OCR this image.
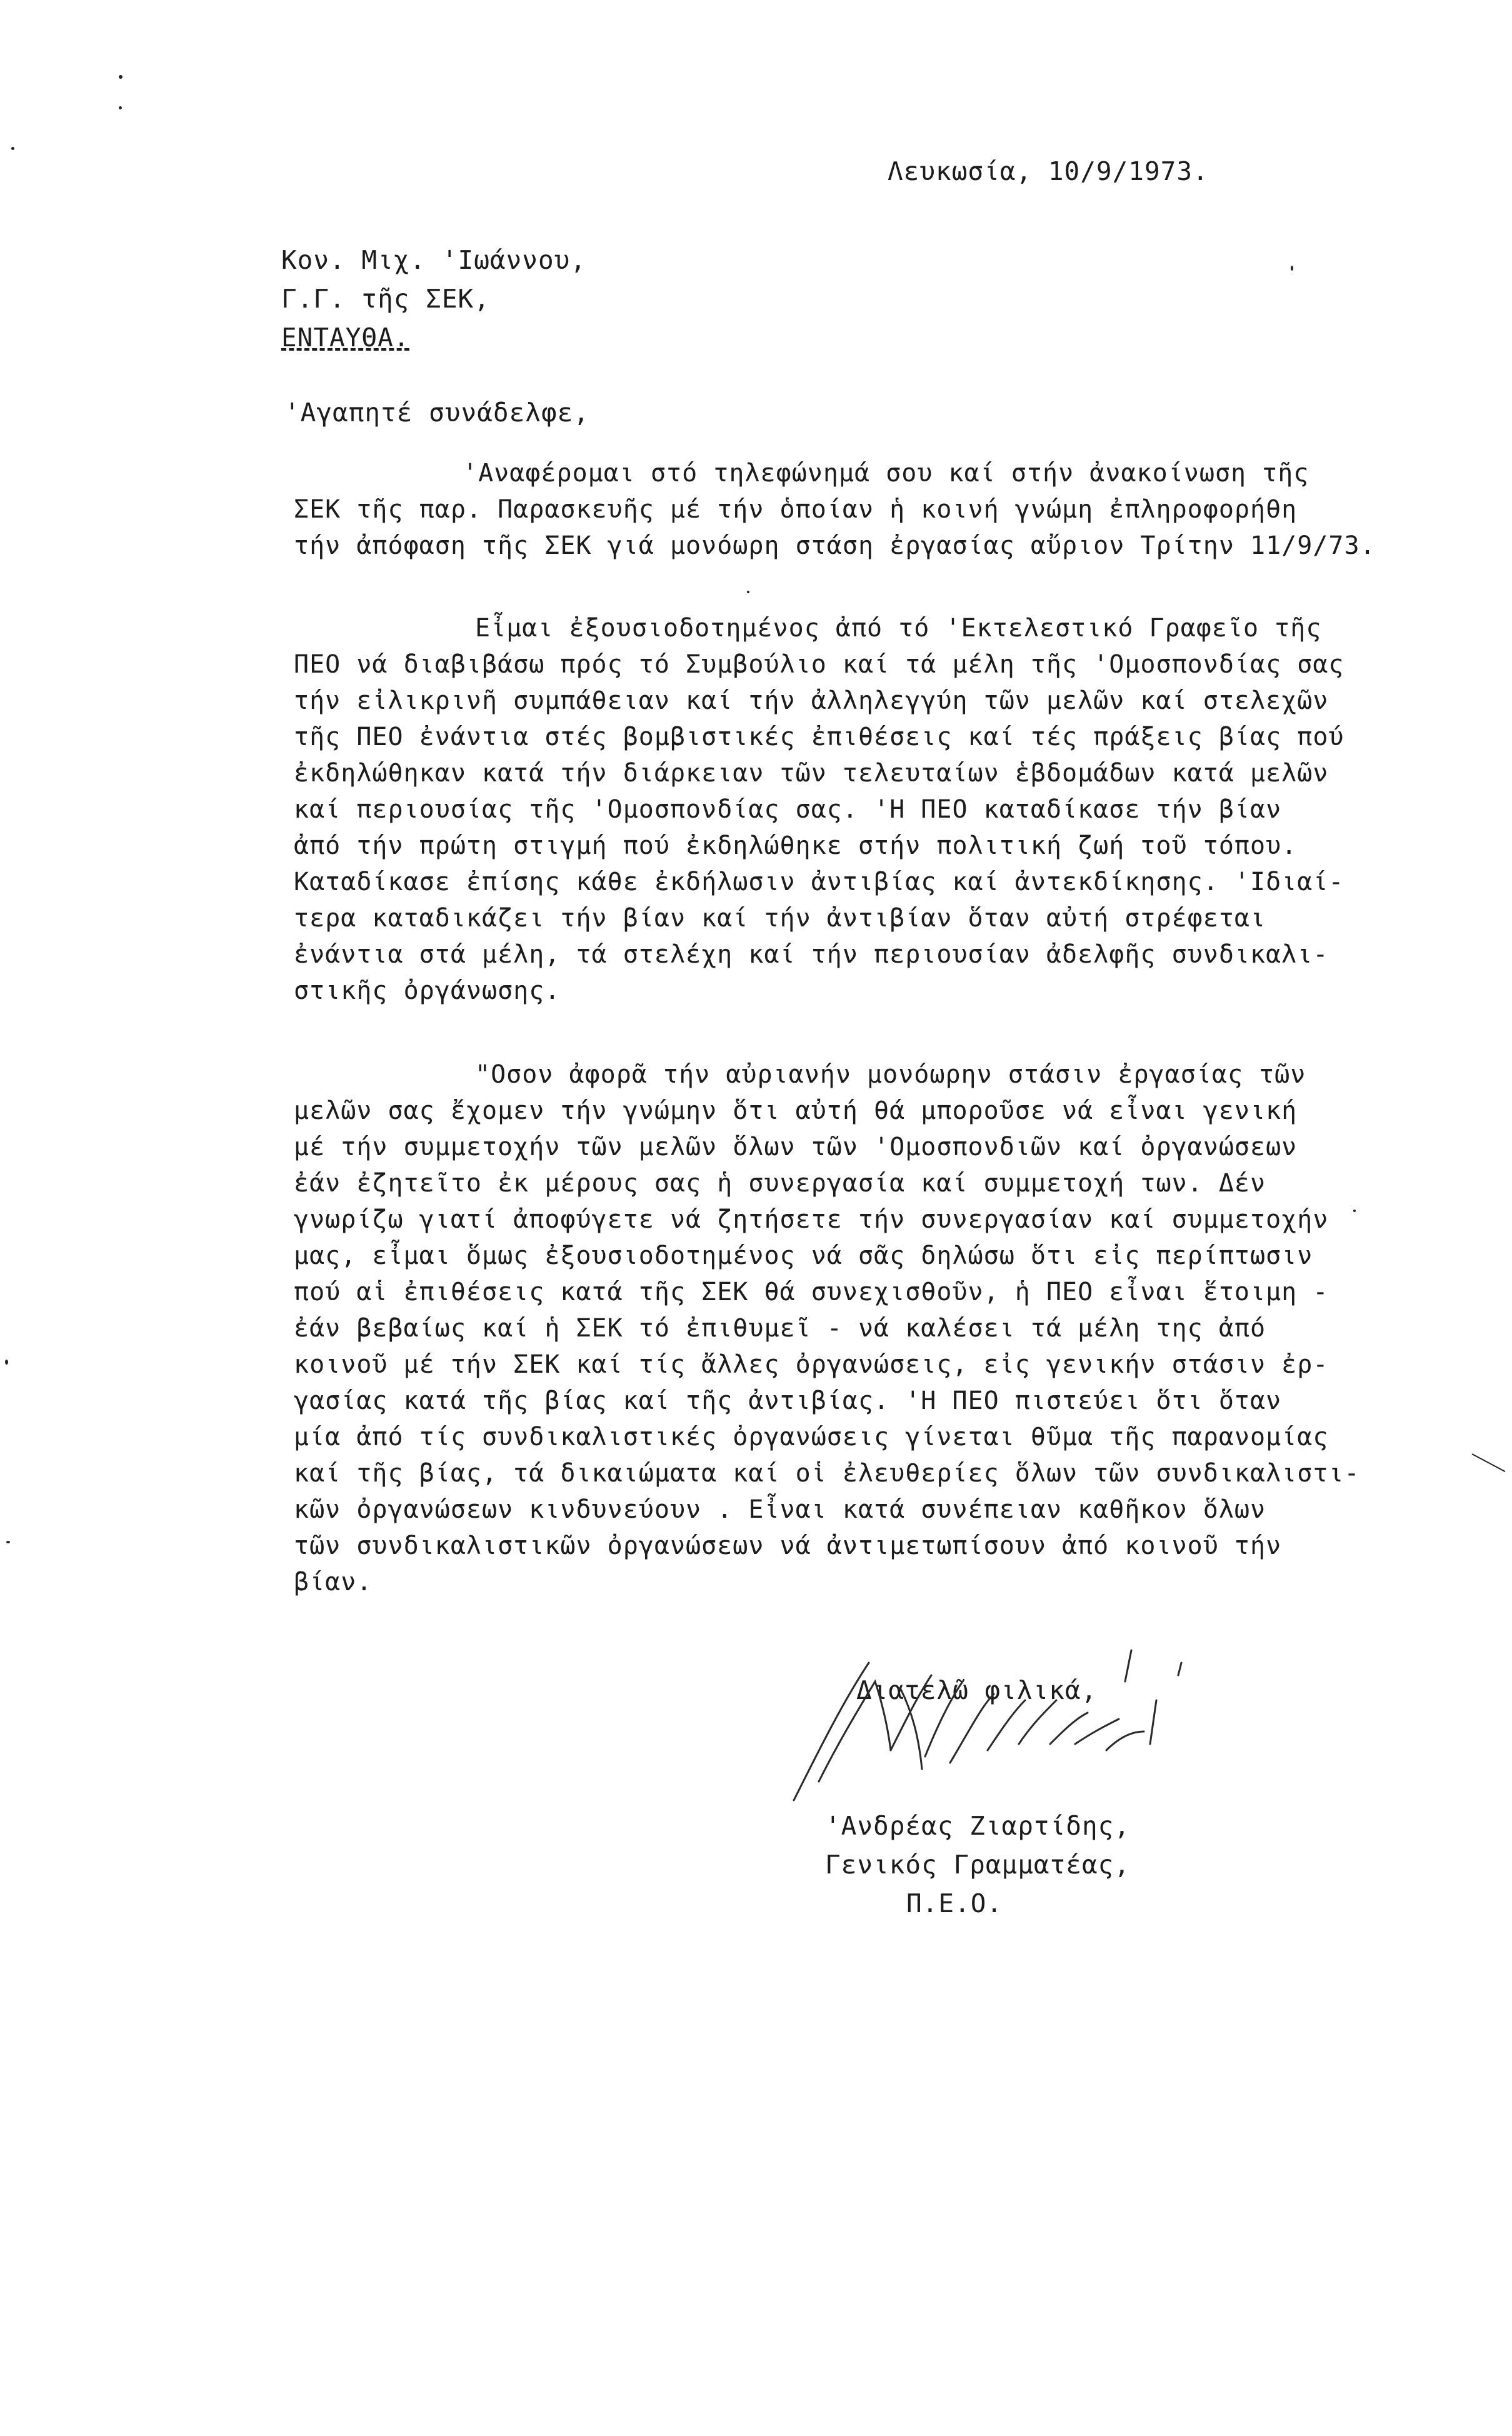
Λευκωσία, 10/9/1973.
Κον. Μιχ. 'Ιωάννου,
Γ.Γ. τῆς ΣΕΚ,
ΕΝΤΑΥΘΑ.
'Αγαπητέ συνάδελφε,
'Αναφέρομαι στό τηλεφώνημά σου καί στήν ἀνακοίνωση τῆς
ΣΕΚ τῆς παρ. Παρασκευῆς μέ τήν ὁποίαν ἡ κοινή γνώμη ἐπληροφορήθη
τήν ἀπόφαση τῆς ΣΕΚ γιά μονόωρη στάση ἐργασίας αὔριον Τρίτην 11/9/73.
Εἶμαι ἐξουσιοδοτημένος ἀπό τό 'Εκτελεστικό Γραφεῖο τῆς
ΠΕΟ νά διαβιβάσω πρός τό Συμβούλιο καί τά μέλη τῆς 'Ομοσπονδίας σας
τήν εἰλικρινῆ συμπάθειαν καί τήν ἀλληλεγγύη τῶν μελῶν καί στελεχῶν
τῆς ΠΕΟ ἐνάντια στές βομβιστικές ἐπιθέσεις καί τές πράξεις βίας πού
ἐκδηλώθηκαν κατά τήν διάρκειαν τῶν τελευταίων ἑβδομάδων κατά μελῶν
καί περιουσίας τῆς 'Ομοσπονδίας σας. 'Η ΠΕΟ καταδίκασε τήν βίαν
ἀπό τήν πρώτη στιγμή πού ἐκδηλώθηκε στήν πολιτική ζωή τοῦ τόπου.
Καταδίκασε ἐπίσης κάθε ἐκδήλωσιν ἀντιβίας καί ἀντεκδίκησης. 'Ιδιαί-
τερα καταδικάζει τήν βίαν καί τήν ἀντιβίαν ὅταν αὐτή στρέφεται
ἐνάντια στά μέλη, τά στελέχη καί τήν περιουσίαν ἀδελφῆς συνδικαλι-
στικῆς ὀργάνωσης.
"Οσον ἀφορᾶ τήν αὐριανήν μονόωρην στάσιν ἐργασίας τῶν
μελῶν σας ἔχομεν τήν γνώμην ὅτι αὐτή θά μποροῦσε νά εἶναι γενική
μέ τήν συμμετοχήν τῶν μελῶν ὅλων τῶν 'Ομοσπονδιῶν καί ὀργανώσεων
ἐάν ἐζητεῖτο ἐκ μέρους σας ἡ συνεργασία καί συμμετοχή των. Δέν
γνωρίζω γιατί ἀποφύγετε νά ζητήσετε τήν συνεργασίαν καί συμμετοχήν
μας, εἶμαι ὅμως ἐξουσιοδοτημένος νά σᾶς δηλώσω ὅτι εἰς περίπτωσιν
πού αἱ ἐπιθέσεις κατά τῆς ΣΕΚ θά συνεχισθοῦν, ἡ ΠΕΟ εἶναι ἕτοιμη -
ἐάν βεβαίως καί ἡ ΣΕΚ τό ἐπιθυμεῖ - νά καλέσει τά μέλη της ἀπό
κοινοῦ μέ τήν ΣΕΚ καί τίς ἄλλες ὀργανώσεις, εἰς γενικήν στάσιν ἐρ-
γασίας κατά τῆς βίας καί τῆς ἀντιβίας. 'Η ΠΕΟ πιστεύει ὅτι ὅταν
μία ἀπό τίς συνδικαλιστικές ὀργανώσεις γίνεται θῦμα τῆς παρανομίας
καί τῆς βίας, τά δικαιώματα καί οἱ ἐλευθερίες ὅλων τῶν συνδικαλιστι-
κῶν ὀργανώσεων κινδυνεύουν . Εἶναι κατά συνέπειαν καθῆκον ὅλων
τῶν συνδικαλιστικῶν ὀργανώσεων νά ἀντιμετωπίσουν ἀπό κοινοῦ τήν
βίαν.
Διατελῶ φιλικά,
'Ανδρέας Ζιαρτίδης,
Γενικός Γραμματέας,
Π.Ε.Ο.
